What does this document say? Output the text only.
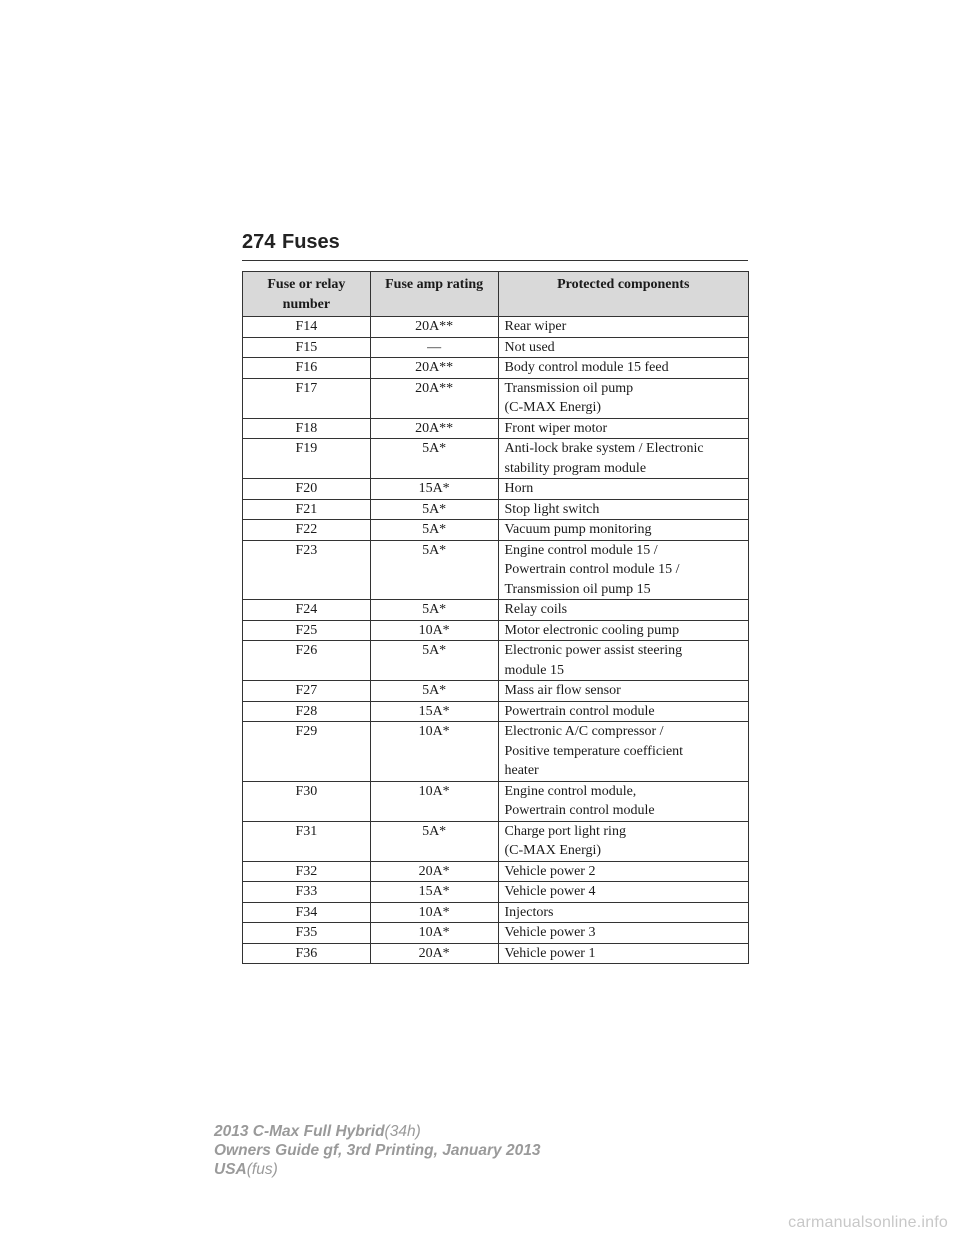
274 Fuses
Fuse or relay number	Fuse amp rating	Protected components
F14	20A**	Rear wiper
F15	—	Not used
F16	20A**	Body control module 15 feed
F17	20A**	Transmission oil pump
(C-MAX Energi)
F18	20A**	Front wiper motor
F19	5A*	Anti-lock brake system / Electronic
stability program module
F20	15A*	Horn
F21	5A*	Stop light switch
F22	5A*	Vacuum pump monitoring
F23	5A*	Engine control module 15 /
Powertrain control module 15 /
Transmission oil pump 15
F24	5A*	Relay coils
F25	10A*	Motor electronic cooling pump
F26	5A*	Electronic power assist steering
module 15
F27	5A*	Mass air flow sensor
F28	15A*	Powertrain control module
F29	10A*	Electronic A/C compressor /
Positive temperature coefficient
heater
F30	10A*	Engine control module,
Powertrain control module
F31	5A*	Charge port light ring
(C-MAX Energi)
F32	20A*	Vehicle power 2
F33	15A*	Vehicle power 4
F34	10A*	Injectors
F35	10A*	Vehicle power 3
F36	20A*	Vehicle power 1
2013 C-Max Full Hybrid(34h)
Owners Guide gf, 3rd Printing, January 2013
USA(fus)
carmanualsonline.info
